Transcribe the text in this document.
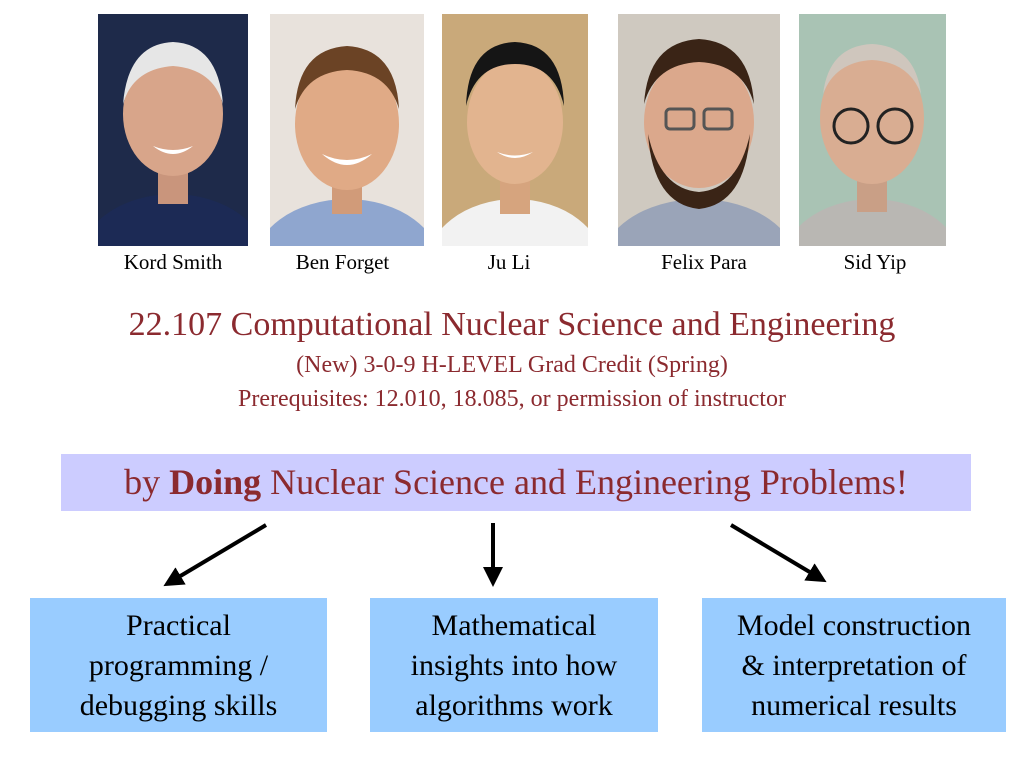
Kord Smith	Ben Forget	Ju Li	Felix Para	Sid Yip
22.107 Computational Nuclear Science and Engineering
(New) 3-0-9 H-LEVEL Grad Credit (Spring)
Prerequisites: 12.010, 18.085, or permission of instructor
by Doing Nuclear Science and Engineering Problems!
Practical
programming /
debugging skills
Mathematical
insights into how
algorithms work
Model construction
& interpretation of
numerical results
